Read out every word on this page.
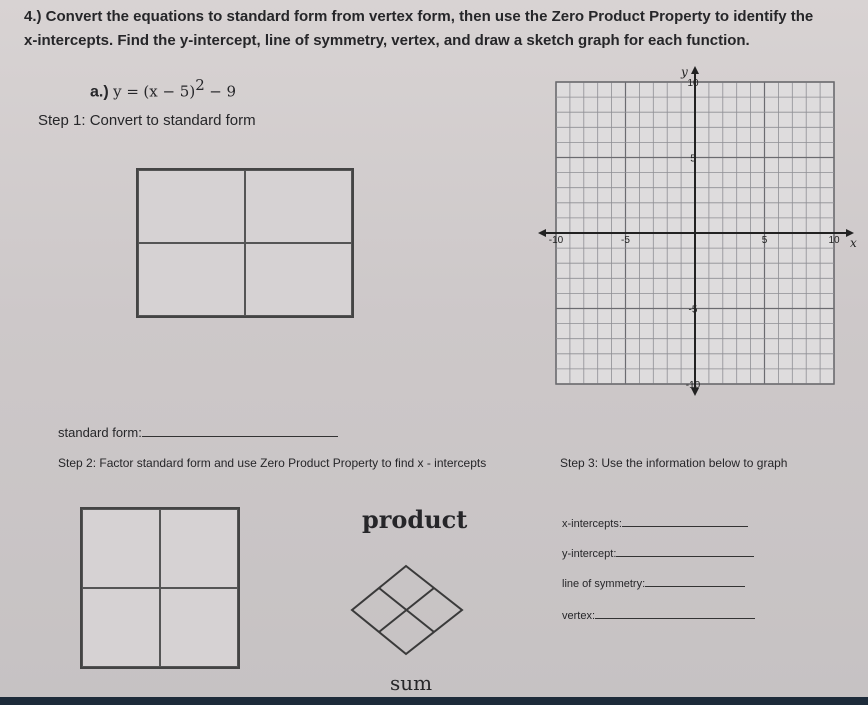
4.) Convert the equations to standard form from vertex form, then use the Zero Product Property to identify the
x-intercepts. Find the y-intercept, line of symmetry, vertex, and draw a sketch graph for each function.
a.) $y = (x - 5)^2 - 9$
Step 1: Convert to standard form
standard form:
Step 2: Factor standard form and use Zero Product Property to find x - intercepts
product
sum
Step 3: Use the information below to graph
x-intercepts:
y-intercept:
line of symmetry:
vertex:
-10	-5	5	10
10
5
-5
-10
x
y
